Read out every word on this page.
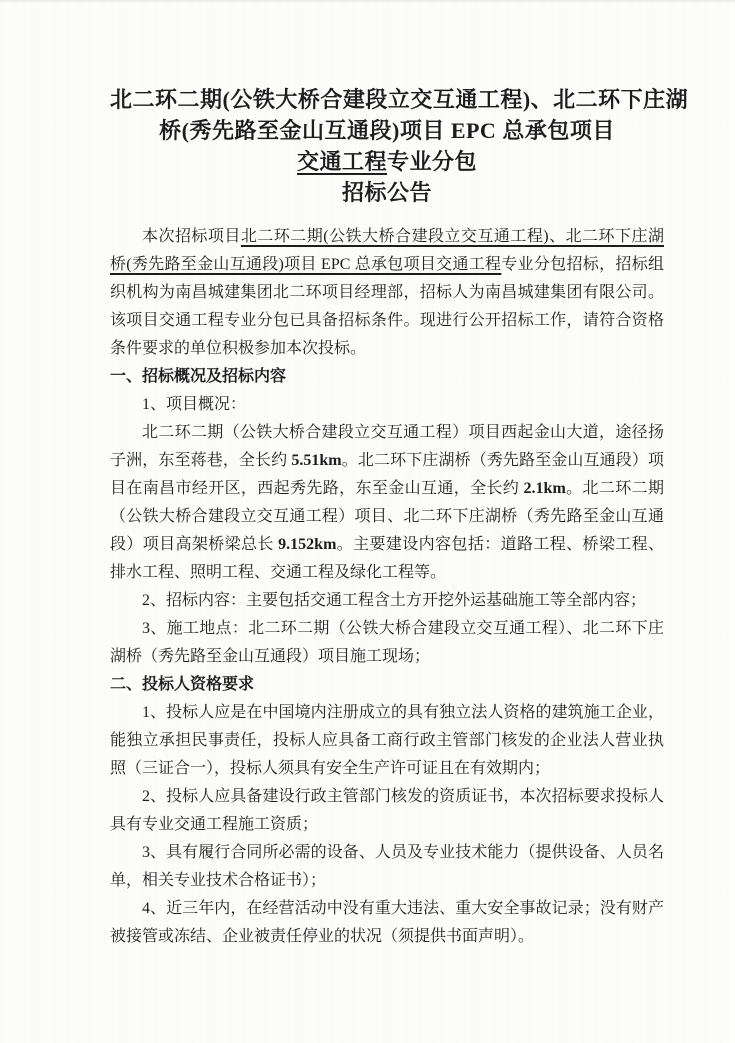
北二环二期(公铁大桥合建段立交互通工程)、北二环下庄湖
桥(秀先路至金山互通段)项目 EPC 总承包项目
交通工程专业分包
招标公告

本次招标项目北二环二期(公铁大桥合建段立交互通工程)、北二环下庄湖桥(秀先路至金山互通段)项目 EPC 总承包项目交通工程专业分包招标，招标组织机构为南昌城建集团北二环项目经理部，招标人为南昌城建集团有限公司。该项目交通工程专业分包已具备招标条件。现进行公开招标工作，请符合资格条件要求的单位积极参加本次投标。

一、招标概况及招标内容

1、项目概况：

北二环二期（公铁大桥合建段立交互通工程）项目西起金山大道，途径扬子洲，东至蒋巷，全长约 5.51km。北二环下庄湖桥（秀先路至金山互通段）项目在南昌市经开区，西起秀先路，东至金山互通，全长约 2.1km。北二环二期（公铁大桥合建段立交互通工程）项目、北二环下庄湖桥（秀先路至金山互通段）项目高架桥梁总长 9.152km。主要建设内容包括：道路工程、桥梁工程、排水工程、照明工程、交通工程及绿化工程等。

2、招标内容：主要包括交通工程含土方开挖外运基础施工等全部内容；

3、施工地点：北二环二期（公铁大桥合建段立交互通工程）、北二环下庄湖桥（秀先路至金山互通段）项目施工现场；

二、投标人资格要求

1、投标人应是在中国境内注册成立的具有独立法人资格的建筑施工企业，能独立承担民事责任，投标人应具备工商行政主管部门核发的企业法人营业执照（三证合一），投标人须具有安全生产许可证且在有效期内；

2、投标人应具备建设行政主管部门核发的资质证书，本次招标要求投标人具有专业交通工程施工资质；

3、具有履行合同所必需的设备、人员及专业技术能力（提供设备、人员名单，相关专业技术合格证书）；

4、近三年内，在经营活动中没有重大违法、重大安全事故记录；没有财产被接管或冻结、企业被责任停业的状况（须提供书面声明）。
